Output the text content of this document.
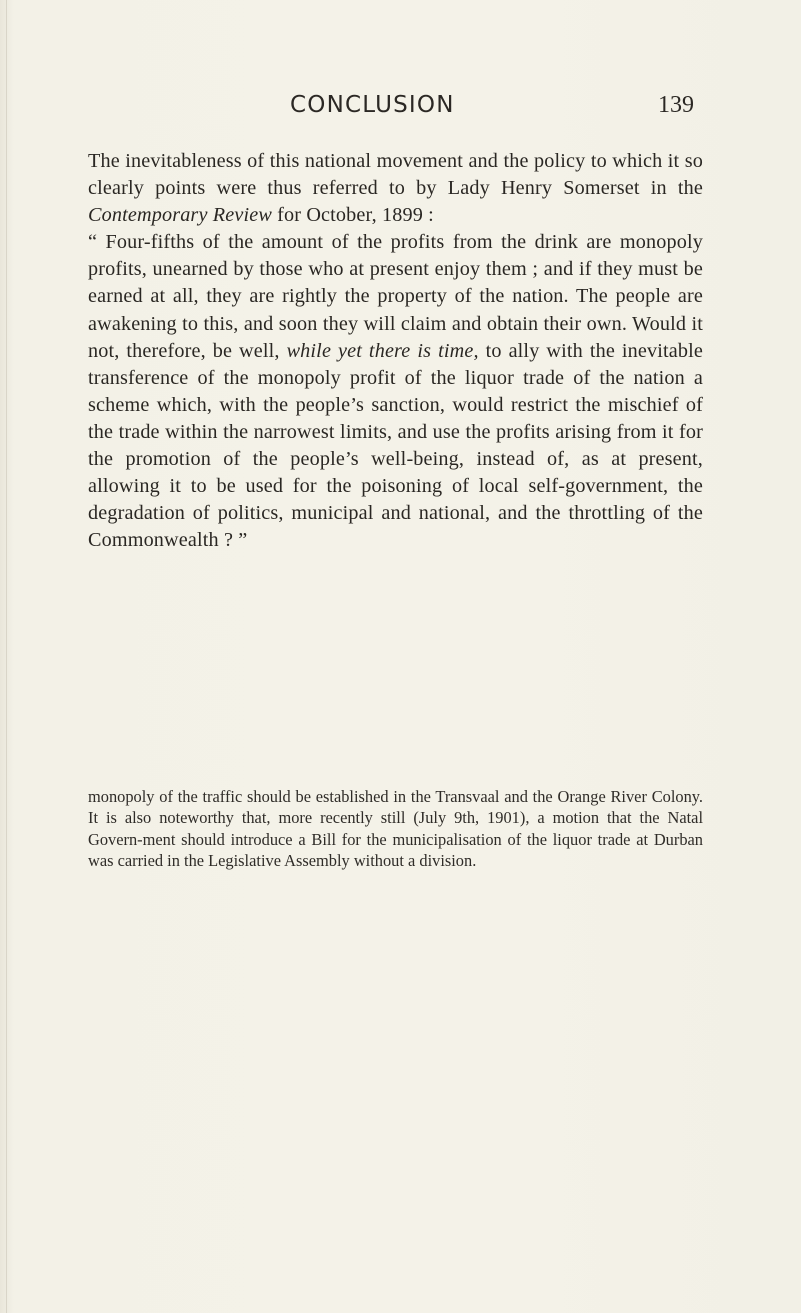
CONCLUSION	139

The inevitableness of this national movement and the policy to which it so clearly points were thus referred to by Lady Henry Somerset in the Contemporary Review for October, 1899 :

“ Four-fifths of the amount of the profits from the drink are monopoly profits, unearned by those who at present enjoy them ; and if they must be earned at all, they are rightly the property of the nation. The people are awakening to this, and soon they will claim and obtain their own. Would it not, therefore, be well, while yet there is time, to ally with the inevitable transference of the monopoly profit of the liquor trade of the nation a scheme which, with the people’s sanction, would restrict the mischief of the trade within the narrowest limits, and use the profits arising from it for the promotion of the people’s well-being, instead of, as at present, allowing it to be used for the poisoning of local self-government, the degradation of politics, municipal and national, and the throttling of the Commonwealth ? ”

monopoly of the traffic should be established in the Transvaal and the Orange River Colony. It is also noteworthy that, more recently still (July 9th, 1901), a motion that the Natal Govern-ment should introduce a Bill for the municipalisation of the liquor trade at Durban was carried in the Legislative Assembly without a division.
